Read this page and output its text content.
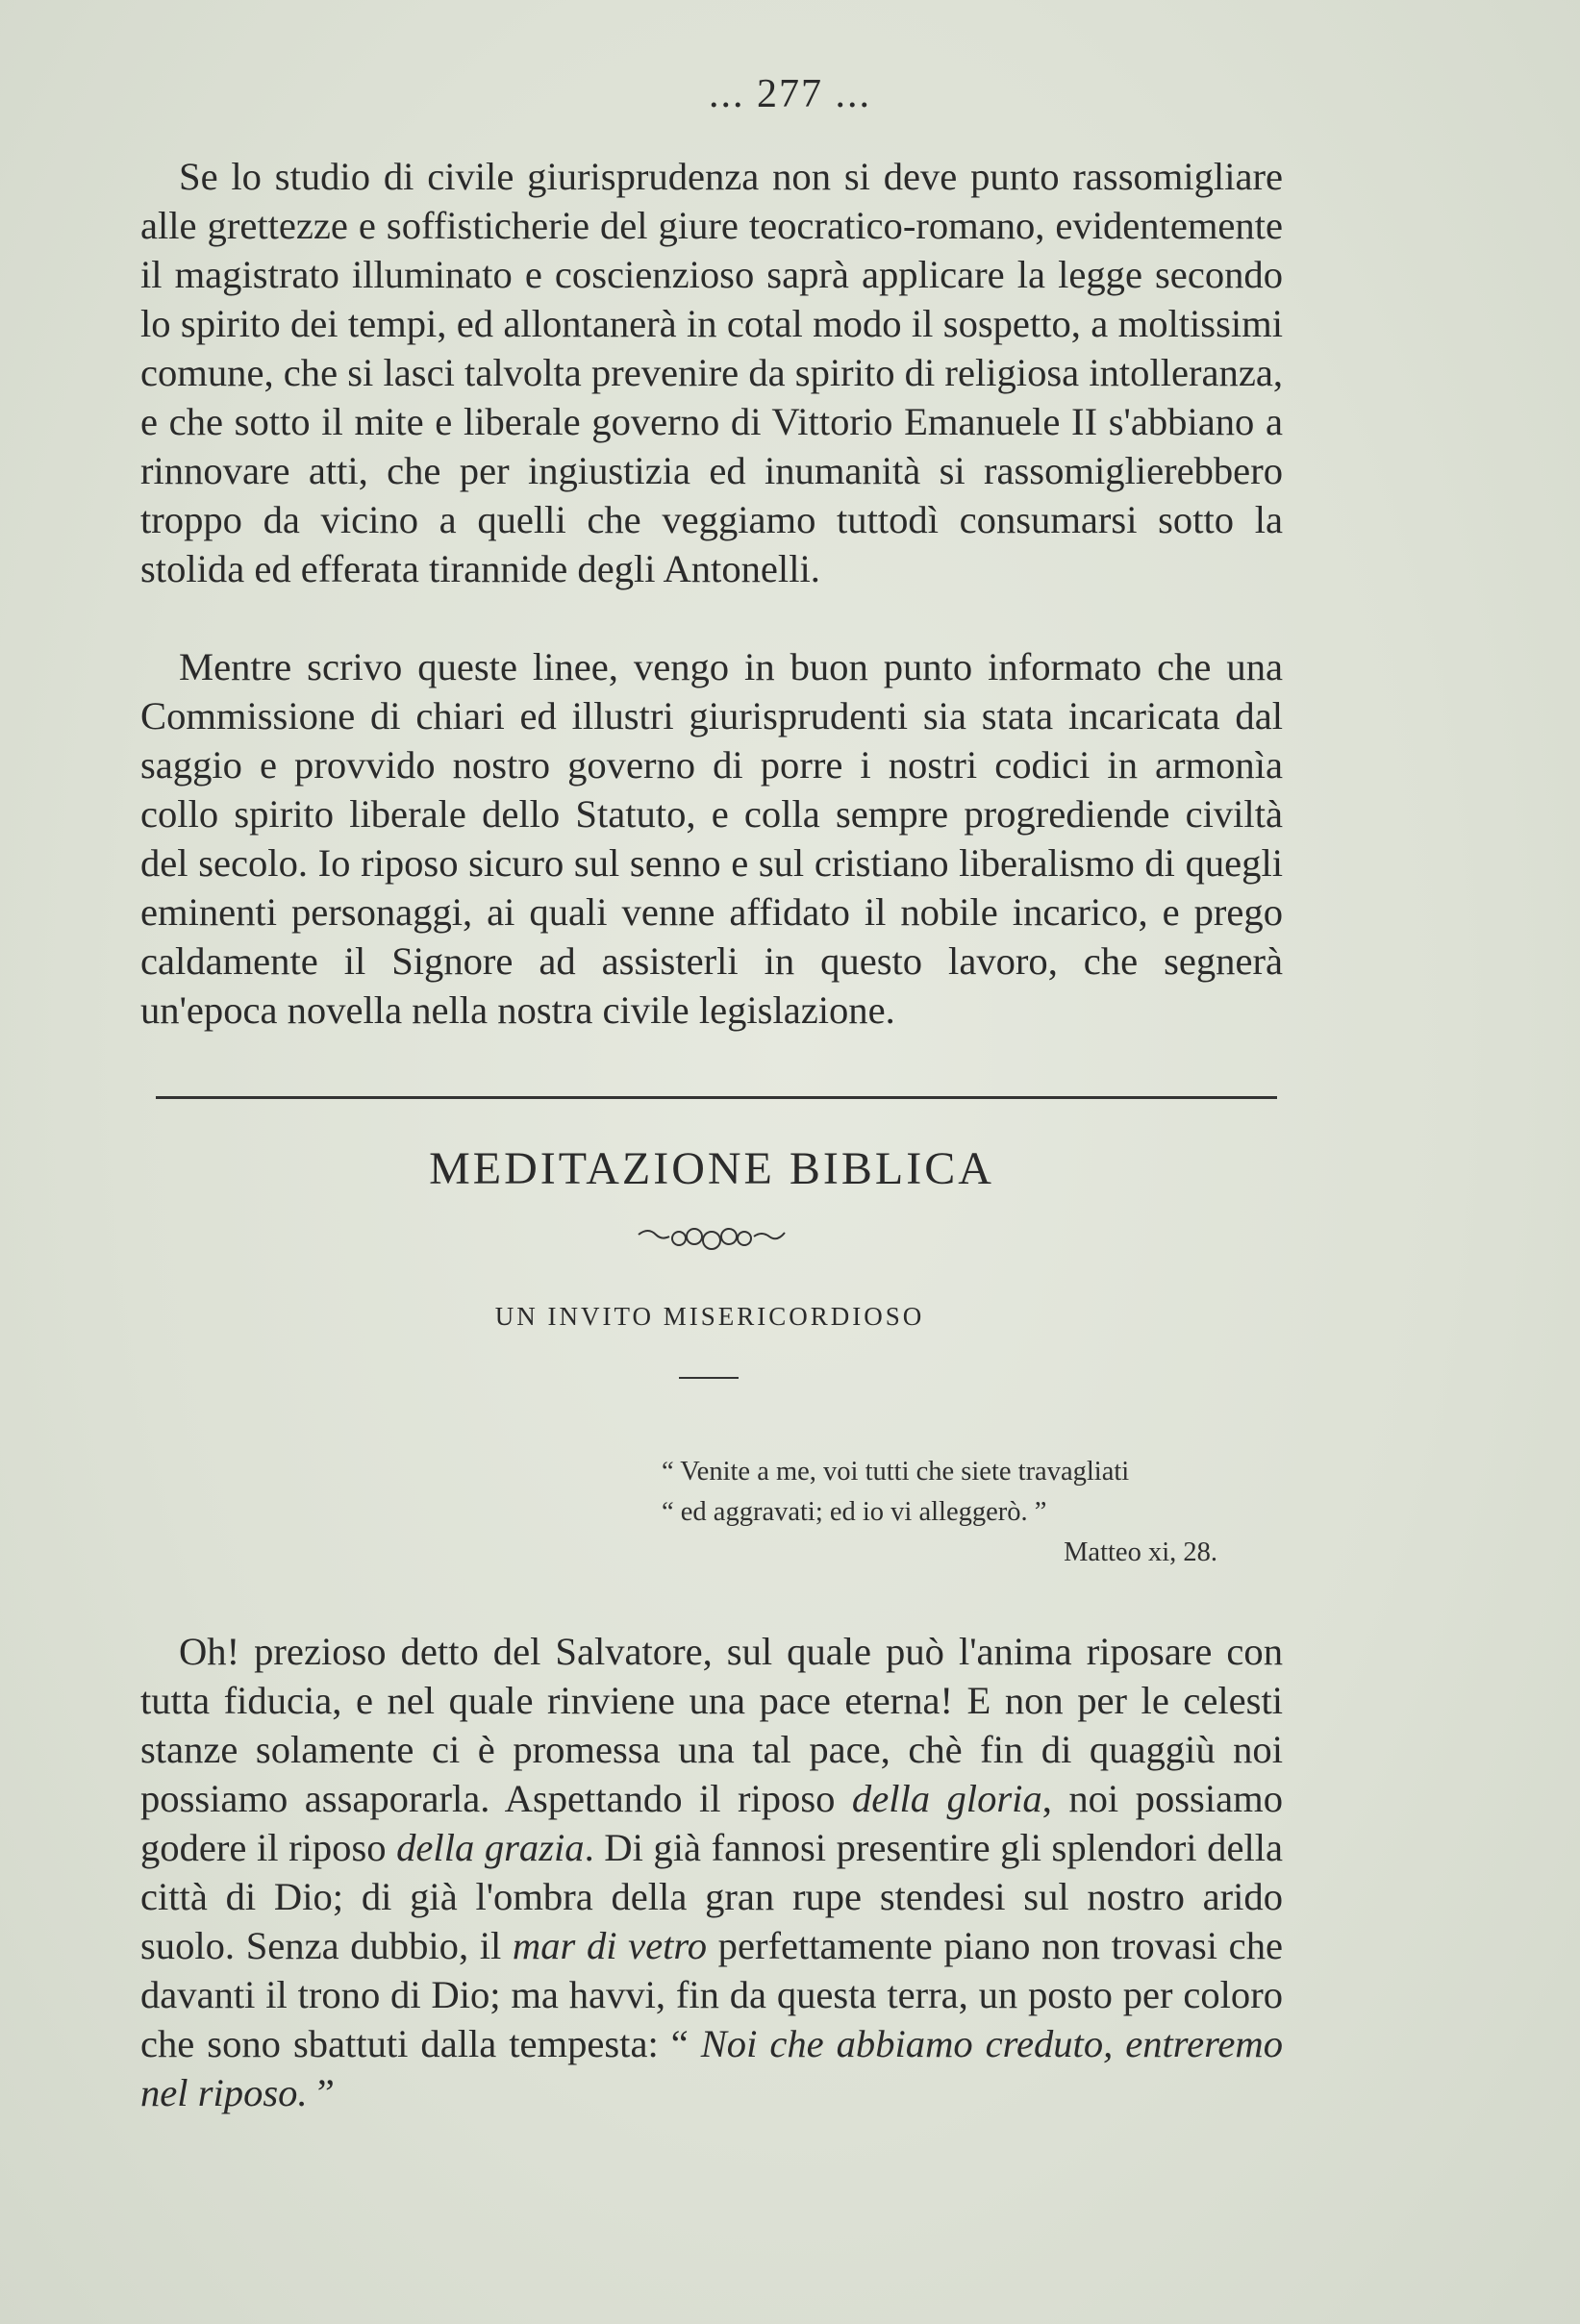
... 277 ...

Se lo studio di civile giurisprudenza non si deve punto rassomigliare alle grettezze e soffisticherie del giure teocratico-romano, evidentemente il magistrato illuminato e coscienzioso saprà applicare la legge secondo lo spirito dei tempi, ed allontanerà in cotal modo il sospetto, a moltissimi comune, che si lasci talvolta prevenire da spirito di religiosa intolleranza, e che sotto il mite e liberale governo di Vittorio Emanuele II s'abbiano a rinnovare atti, che per ingiustizia ed inumanità si rassomiglierebbero troppo da vicino a quelli che veggiamo tuttodì consumarsi sotto la stolida ed efferata tirannide degli Antonelli.

Mentre scrivo queste linee, vengo in buon punto informato che una Commissione di chiari ed illustri giurisprudenti sia stata incaricata dal saggio e provvido nostro governo di porre i nostri codici in armonìa collo spirito liberale dello Statuto, e colla sempre progrediende civiltà del secolo. Io riposo sicuro sul senno e sul cristiano liberalismo di quegli eminenti personaggi, ai quali venne affidato il nobile incarico, e prego caldamente il Signore ad assisterli in questo lavoro, che segnerà un'epoca novella nella nostra civile legislazione.

MEDITAZIONE BIBLICA
UN INVITO MISERICORDIOSO
“ Venite a me, voi tutti che siete travagliati
“ ed aggravati; ed io vi alleggerò. ”
Matteo xi, 28.

Oh! prezioso detto del Salvatore, sul quale può l'anima riposare con tutta fiducia, e nel quale rinviene una pace eterna! E non per le celesti stanze solamente ci è promessa una tal pace, chè fin di quaggiù noi possiamo assaporarla. Aspettando il riposo della gloria, noi possiamo godere il riposo della grazia. Di già fannosi presentire gli splendori della città di Dio; di già l'ombra della gran rupe stendesi sul nostro arido suolo. Senza dubbio, il mar di vetro perfettamente piano non trovasi che davanti il trono di Dio; ma havvi, fin da questa terra, un posto per coloro che sono sbattuti dalla tempesta: “ Noi che abbiamo creduto, entreremo nel riposo. ”
